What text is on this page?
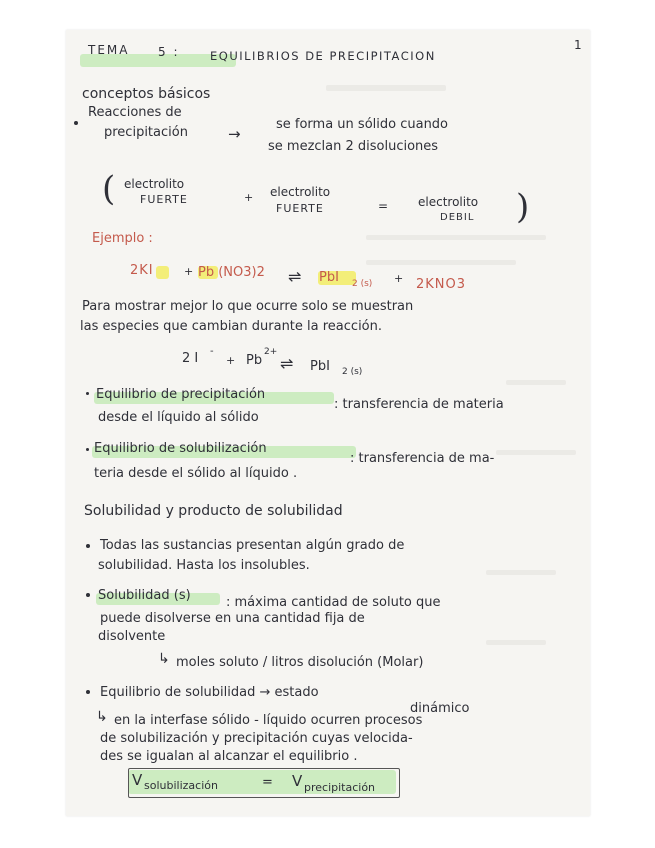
1
TEMA 5 :	EQUILIBRIOS DE PRECIPITACION
conceptos básicos
Reacciones de
precipitación	→
se forma un sólido cuando
se mezclan 2 disoluciones
( electrolito
FUERTE	+ electrolito
FUERTE	= electrolito
DEBIL )
Ejemplo :
2KI	+ Pb (NO3)2 ⇌ PbI 2 (s) + 2KNO3
Para mostrar mejor lo que ocurre solo se muestran
las especies que cambian durante la reacción.
2 I -
+ Pb
2+
⇌ PbI 2 (s)
Equilibrio de precipitación
: transferencia de materia
desde el líquido al sólido
Equilibrio de solubilización
: transferencia de ma-
teria desde el sólido al líquido .
Solubilidad y producto de solubilidad
Todas las sustancias presentan algún grado de
solubilidad. Hasta los insolubles.
Solubilidad (s)	: máxima cantidad de soluto que
puede disolverse en una cantidad fija de
disolvente
↳ moles soluto / litros disolución (Molar)
Equilibrio de solubilidad → estado
dinámico
↳ en la interfase sólido - líquido ocurren procesos
de solubilización y precipitación cuyas velocida-
des se igualan al alcanzar el equilibrio .
V solubilización	= V precipitación
